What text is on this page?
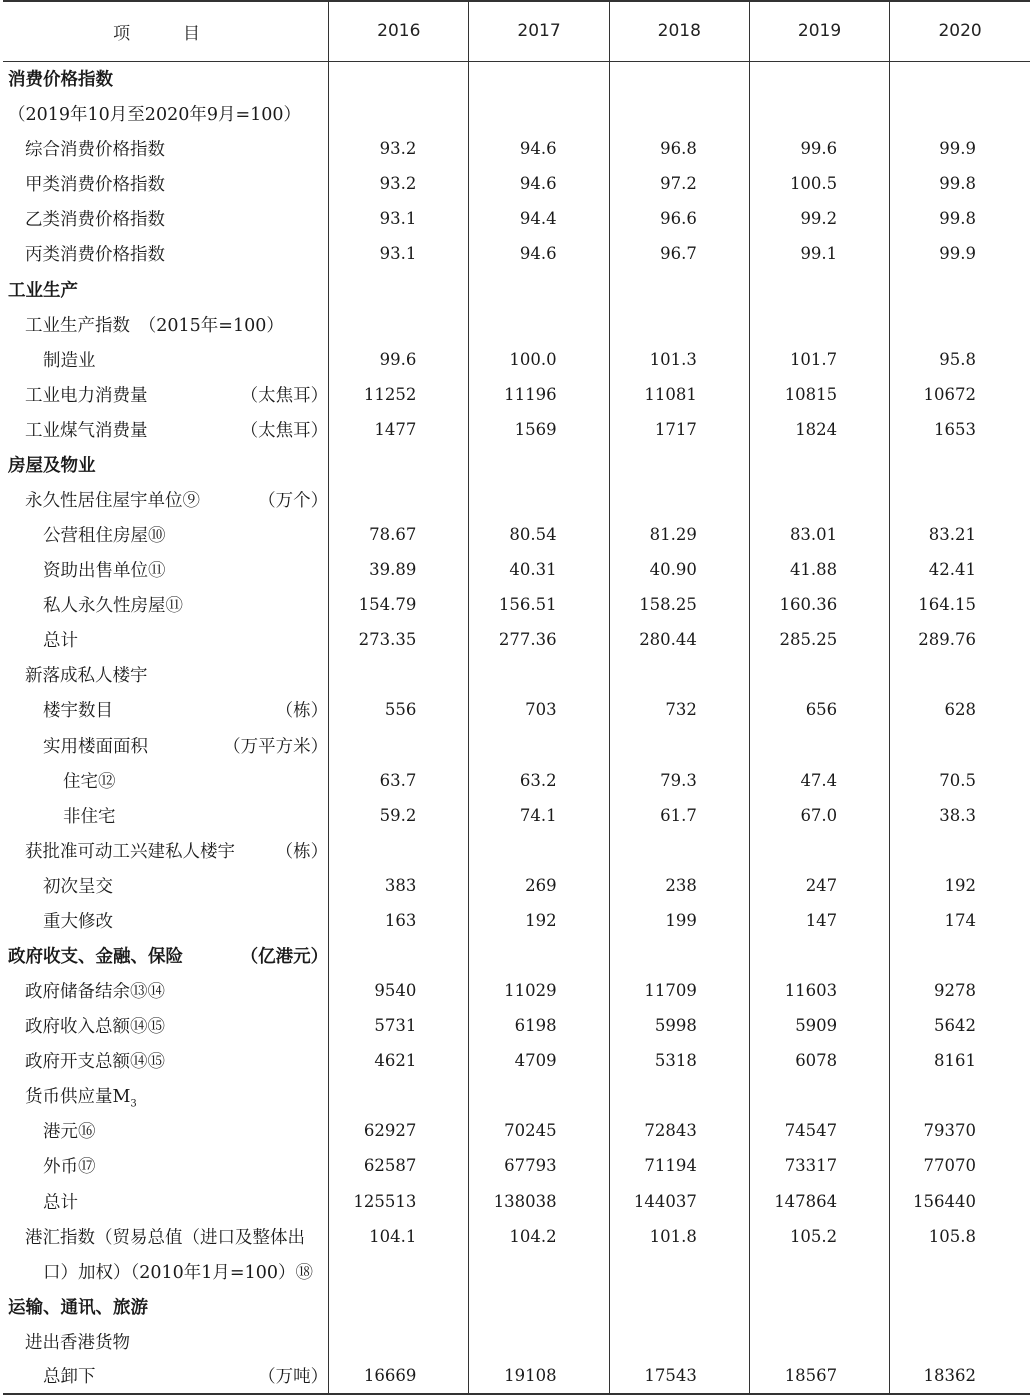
项　目	2016	2017	2018	2019	2020
消费价格指数					
（2019年10月至2020年9月=100）					
综合消费价格指数	93.2	94.6	96.8	99.6	99.9
甲类消费价格指数	93.2	94.6	97.2	100.5	99.8
乙类消费价格指数	93.1	94.4	96.6	99.2	99.8
丙类消费价格指数	93.1	94.6	96.7	99.1	99.9
工业生产					
工业生产指数　（2015年=100）					
制造业	99.6	100.0	101.3	101.7	95.8
工业电力消费量 （太焦耳）	11252	11196	11081	10815	10672
工业煤气消费量 （太焦耳）	1477	1569	1717	1824	1653
房屋及物业					
永久性居住屋宇单位⑨ （万个）					

公营租住房屋⑩	78.67	80.54	81.29	83.01	83.21
资助出售单位⑪	39.89	40.31	40.90	41.88	42.41
私人永久性房屋⑪	154.79	156.51	158.25	160.36	164.15
总计	273.35	277.36	280.44	285.25	289.76
新落成私人楼宇					
楼宇数目 （栋）	556	703	732	656	628
实用楼面面积 （万平方米）					

住宅⑫	63.7	63.2	79.3	47.4	70.5
非住宅	59.2	74.1	61.7	67.0	38.3
获批准可动工兴建私人楼宇 （栋）					

初次呈交	383	269	238	247	192
重大修改	163	192	199	147	174
政府收支、金融、保险 （亿港元）					

政府储备结余⑬⑭	9540	11029	11709	11603	9278
政府收入总额⑭⑮	5731	6198	5998	5909	5642
政府开支总额⑭⑮	4621	4709	5318	6078	8161
货币供应量$M_3$					
港元⑯	62927	70245	72843	74547	79370
外币⑰	62587	67793	71194	73317	77070
总计	125513	138038	144037	147864	156440
港汇指数（贸易总值（进口及整体出	104.1	104.2	101.8	105.2	105.8
口）加权）（2010年1月=100）⑱					
运输、通讯、旅游					
进出香港货物					
总卸下 （万吨）	16669	19108	17543	18567	18362
